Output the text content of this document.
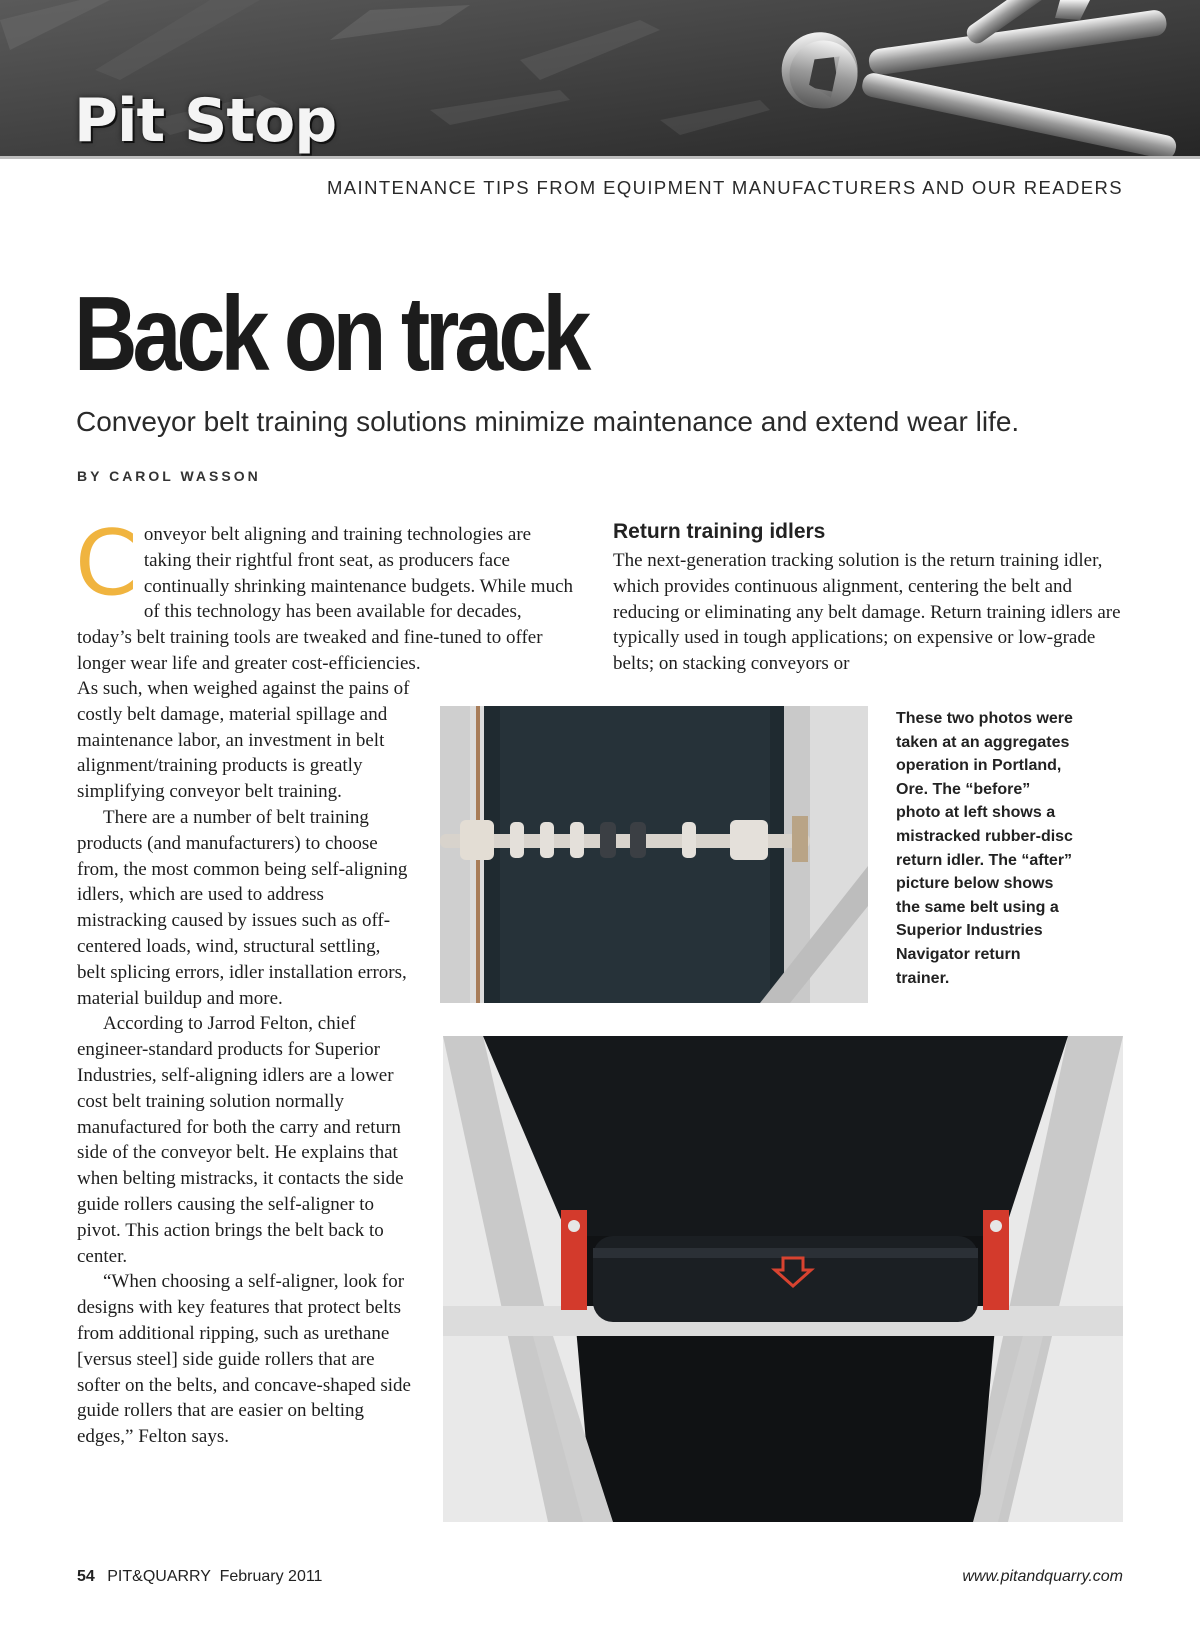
Pit Stop
MAINTENANCE TIPS FROM EQUIPMENT MANUFACTURERS AND OUR READERS
Back on track
Conveyor belt training solutions minimize maintenance and extend wear life.
BY CAROL WASSON
C onveyor belt aligning and training technologies are taking their rightful front seat, as producers face continually shrinking maintenance budgets. While much of this technology has been available for decades, today’s belt training tools are tweaked and fine-tuned to offer longer wear life and greater cost-efficiencies.

As such, when weighed against the pains of costly belt damage, material spillage and maintenance labor, an investment in belt alignment/training products is greatly simplifying conveyor belt training.

There are a number of belt training products (and manufacturers) to choose from, the most common being self-aligning idlers, which are used to address mistracking caused by issues such as off-centered loads, wind, structural settling, belt splicing errors, idler installation errors, material buildup and more.

According to Jarrod Felton, chief engineer-standard products for Superior Industries, self-aligning idlers are a lower cost belt training solution normally manufactured for both the carry and return side of the conveyor belt. He explains that when belting mistracks, it contacts the side guide rollers causing the self-aligner to pivot. This action brings the belt back to center.

“When choosing a self-aligner, look for designs with key features that protect belts from additional ripping, such as urethane [versus steel] side guide rollers that are softer on the belts, and concave-shaped side guide rollers that are easier on belting edges,” Felton says.

Return training idlers

The next-generation tracking solution is the return training idler, which provides continuous alignment, centering the belt and reducing or eliminating any belt damage. Return training idlers are typically used in tough applications; on expensive or low-grade belts; on stacking conveyors or

These two photos were taken at an aggregates operation in Portland, Ore. The “before” photo at left shows a mistracked rubber-disc return idler. The “after” picture below shows the same belt using a Superior Industries Navigator return trainer.

54 PIT&QUARRY  February 2011	www.pitandquarry.com
